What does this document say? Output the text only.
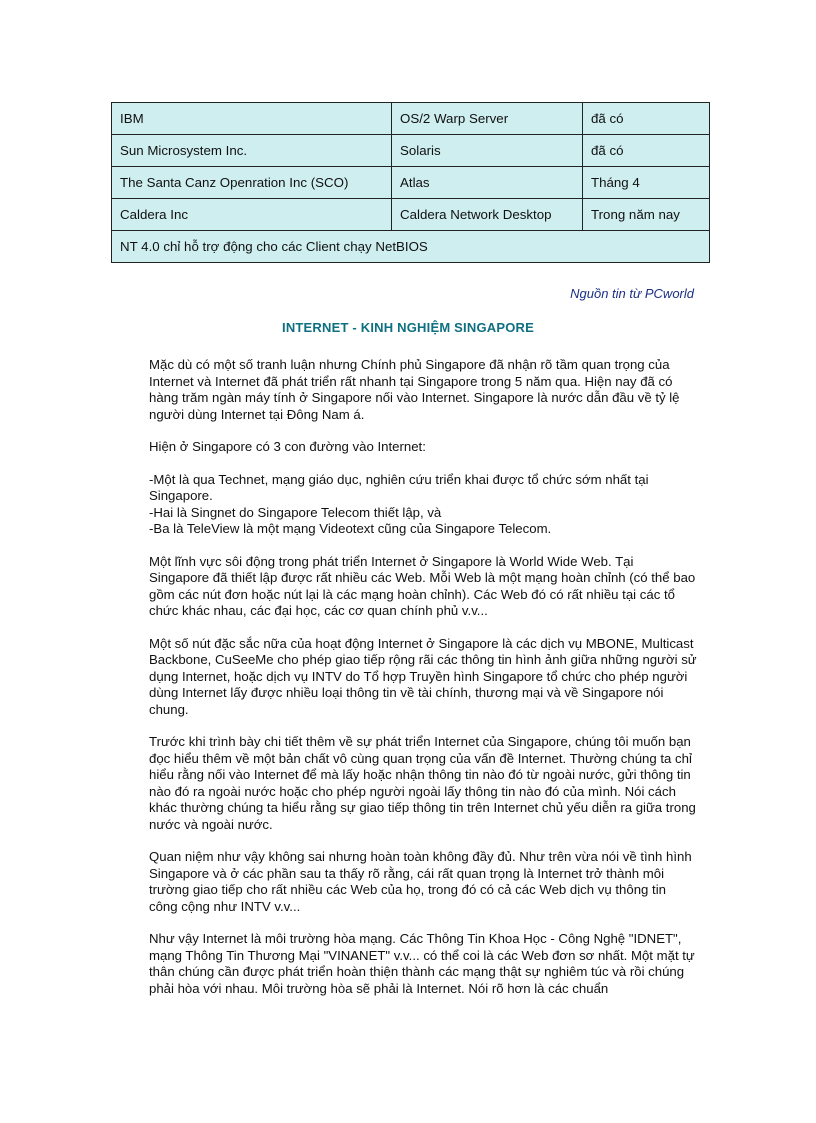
IBM	OS/2 Warp Server	đã có
Sun Microsystem Inc.	Solaris	đã có
The Santa Canz Openration Inc (SCO)	Atlas	Tháng 4
Caldera Inc	Caldera Network Desktop	Trong năm nay
NT 4.0 chỉ hỗ trợ động cho các Client chạy NetBIOS		
Nguồn tin từ PCworld
INTERNET - KINH NGHIỆM SINGAPORE

Mặc dù có một số tranh luận nhưng Chính phủ Singapore đã nhận rõ tầm quan trọng của Internet và Internet đã phát triển rất nhanh tại Singapore trong 5 năm qua. Hiện nay đã có hàng trăm ngàn máy tính ở Singapore nối vào Internet. Singapore là nước dẫn đầu về tỷ lệ người dùng Internet tại Đông Nam á.

Hiện ở Singapore có 3 con đường vào Internet:

-Một là qua Technet, mạng giáo dục, nghiên cứu triển khai được tổ chức sớm nhất tại Singapore.

-Hai là Singnet do Singapore Telecom thiết lập, và

-Ba là TeleView là một mạng Videotext cũng của Singapore Telecom.

Một lĩnh vực sôi động trong phát triển Internet ở Singapore là World Wide Web. Tại Singapore đã thiết lập được rất nhiều các Web. Mỗi Web là một mạng hoàn chỉnh (có thể bao gồm các nút đơn hoặc nút lại là các mạng hoàn chỉnh). Các Web đó có rất nhiều tại các tổ chức khác nhau, các đại học, các cơ quan chính phủ v.v...

Một số nút đặc sắc nữa của hoạt động Internet ở Singapore là các dịch vụ MBONE, Multicast Backbone, CuSeeMe cho phép giao tiếp rộng rãi các thông tin hình ảnh giữa những người sử dụng Internet, hoặc dịch vụ INTV do Tổ hợp Truyền hình Singapore tổ chức cho phép người dùng Internet lấy được nhiều loại thông tin về tài chính, thương mại và về Singapore nói chung.

Trước khi trình bày chi tiết thêm về sự phát triển Internet của Singapore, chúng tôi muốn bạn đọc hiểu thêm về một bản chất vô cùng quan trọng của vấn đề Internet. Thường chúng ta chỉ hiểu rằng nối vào Internet để mà lấy hoặc nhận thông tin nào đó từ ngoài nước, gửi thông tin nào đó ra ngoài nước hoặc cho phép người ngoài lấy thông tin nào đó của mình. Nói cách khác thường chúng ta hiểu rằng sự giao tiếp thông tin trên Internet chủ yếu diễn ra giữa trong nước và ngoài nước.

Quan niệm như vậy không sai nhưng hoàn toàn không đầy đủ. Như trên vừa nói về tình hình Singapore và ở các phần sau ta thấy rõ rằng, cái rất quan trọng là Internet trở thành môi trường giao tiếp cho rất nhiều các Web của họ, trong đó có cả các Web dịch vụ thông tin công cộng như INTV v.v...

Như vậy Internet là môi trường hòa mạng. Các Thông Tin Khoa Học - Công Nghệ "IDNET", mạng Thông Tin Thương Mại "VINANET" v.v... có thể coi là các Web đơn sơ nhất. Một mặt tự thân chúng cần được phát triển hoàn thiện thành các mạng thật sự nghiêm túc và rồi chúng phải hòa với nhau. Môi trường hòa sẽ phải là Internet. Nói rõ hơn là các chuẩn
